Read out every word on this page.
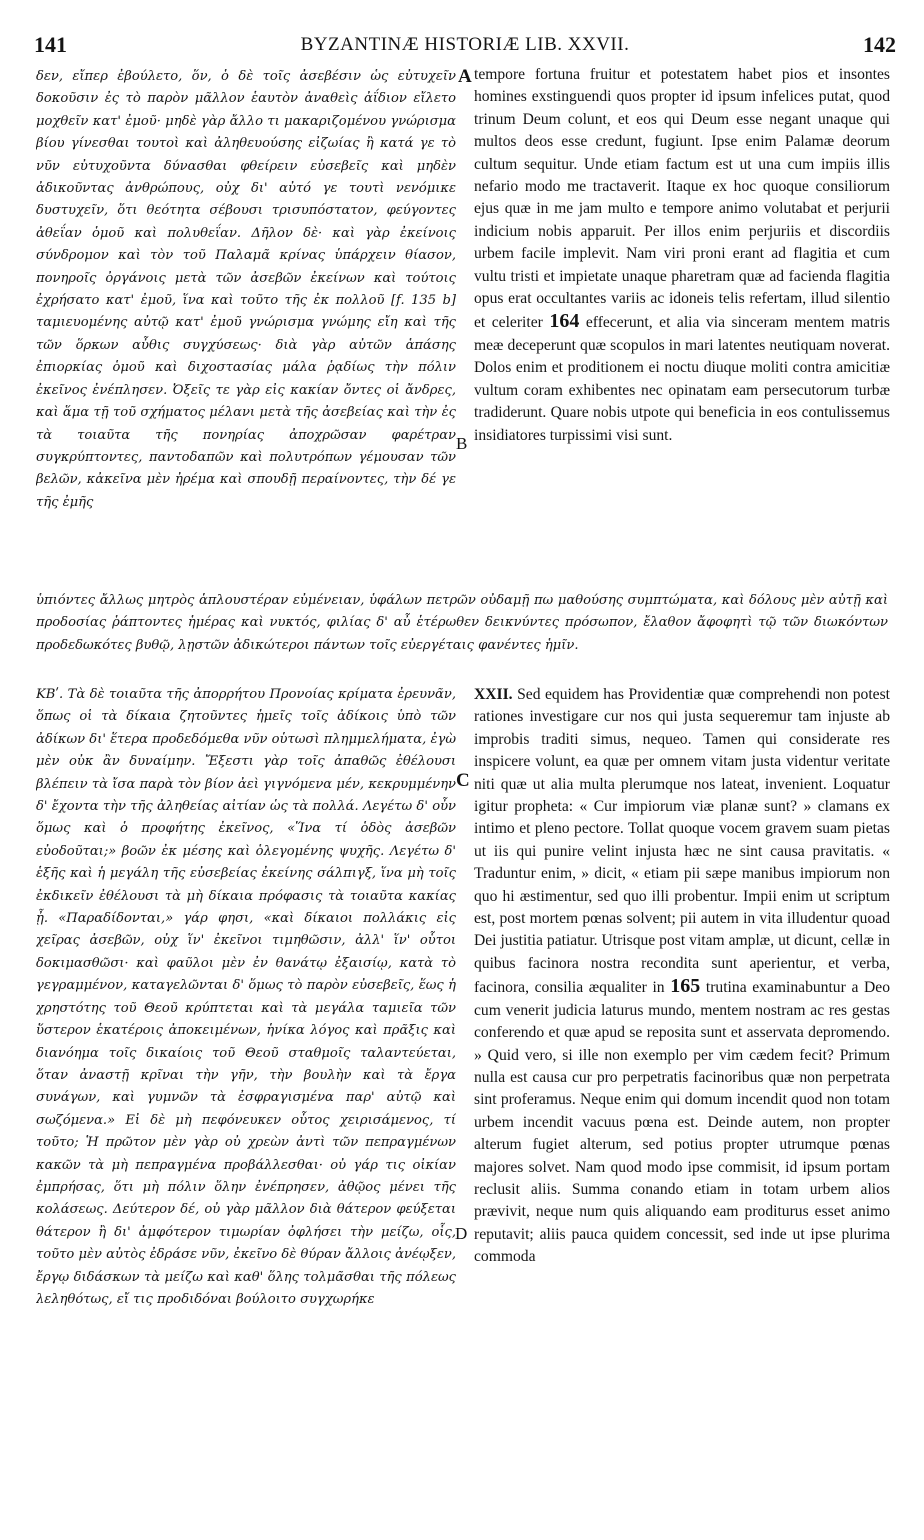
141	BYZANTINÆ HISTORIÆ LIB. XXVII.	142

δεν, εἴπερ ἐβούλετο, ὅν, ὁ δὲ τοῖς ἀσεβέσιν ὡς εὐτυχεῖν δοκοῦσιν ἐς τὸ παρὸν μᾶλλον ἑαυτὸν ἀναθεὶς ἀΐδιον εἴλετο μοχθεῖν κατ' ἐμοῦ· μηδὲ γὰρ ἄλλο τι μακαριζομένου γνώρισμα βίου γίνεσθαι τουτοὶ καὶ ἀληθευούσης εἰζωίας ἢ κατά γε τὸ νῦν εὐτυχοῦντα δύνασθαι φθείρειν εὐσεβεῖς καὶ μηδὲν ἀδικοῦντας ἀνθρώπους, οὐχ δι' αὐτό γε τουτὶ νενόμικε δυστυχεῖν, ὅτι θεότητα σέβουσι τρισυπόστατον, φεύγοντες ἀθεΐαν ὁμοῦ καὶ πολυθεΐαν. Δῆλον δὲ· καὶ γὰρ ἐκείνοις σύνδρομον καὶ τὸν τοῦ Παλαμᾶ κρίνας ὑπάρχειν θίασον, πονηροῖς ὀργάνοις μετὰ τῶν ἀσεβῶν ἐκείνων καὶ τούτοις ἐχρήσατο κατ' ἐμοῦ, ἵνα καὶ τοῦτο τῆς ἐκ πολλοῦ [f. 135 b] ταμιευομένης αὐτῷ κατ' ἐμοῦ γνώρισμα γνώμης εἴη καὶ τῆς τῶν ὅρκων αὖθις συγχύσεως· διὰ γὰρ αὐτῶν ἁπάσης ἐπιορκίας ὁμοῦ καὶ διχοστασίας μάλα ῥᾳδίως τὴν πόλιν ἐκεῖνος ἐνέπλησεν. Ὀξεῖς τε γὰρ εἰς κακίαν ὄντες οἱ ἄνδρες, καὶ ἅμα τῇ τοῦ σχήματος μέλανι μετὰ τῆς ἀσεβείας καὶ τὴν ἐς τὰ τοιαῦτα τῆς πονηρίας ἀποχρῶσαν φαρέτραν συγκρύπτοντες, παντοδαπῶν καὶ πολυτρόπων γέμουσαν τῶν βελῶν, κἀκεῖνα μὲν ἠρέμα καὶ σπουδῇ περαίνοντες, τὴν δέ γε τῆς ἐμῆς

tempore fortuna fruitur et potestatem habet pios et insontes homines exstinguendi quos propter id ipsum infelices putat, quod trinum Deum colunt, et eos qui Deum esse negant unaque qui multos deos esse credunt, fugiunt. Ipse enim Palamæ deorum cultum sequitur. Unde etiam factum est ut una cum impiis illis nefario modo me tractaverit. Itaque ex hoc quoque consiliorum ejus quæ in me jam multo e tempore animo volutabat et perjurii indicium nobis apparuit. Per illos enim perjuriis et discordiis urbem facile implevit. Nam viri proni erant ad flagitia et cum vultu tristi et impietate unaque pharetram quæ ad facienda flagitia opus erat occultantes variis ac idoneis telis refertam, illud silentio et celeriter 164 effecerunt, et alia via sinceram mentem matris meæ deceperunt quæ scopulos in mari latentes neutiquam noverat. Dolos enim et proditionem ei noctu diuque moliti contra amicitiæ vultum coram exhibentes nec opinatam eam persecutorum turbæ tradiderunt. Quare nobis utpote qui beneficia in eos contulissemus insidiatores turpissimi visi sunt.

ὑπιόντες ἄλλως μητρὸς ἁπλουστέραν εὐμένειαν, ὑφάλων πετρῶν οὐδαμῇ πω μαθούσης συμπτώματα, καὶ δόλους μὲν αὐτῇ καὶ προδοσίας ῥάπτοντες ἡμέρας καὶ νυκτός, φιλίας δ' αὖ ἑτέρωθεν δεικνύντες πρόσωπον, ἔλαθον ἄφοφητὶ τῷ τῶν διωκόντων προδεδωκότες βυθῷ, λῃστῶν ἀδικώτεροι πάντων τοῖς εὐεργέταις φανέντες ἡμῖν.

ΚΒʹ. Τὰ δὲ τοιαῦτα τῆς ἀπορρήτου Προνοίας κρίματα ἐρευνᾶν, ὅπως οἱ τὰ δίκαια ζητοῦντες ἡμεῖς τοῖς ἀδίκοις ὑπὸ τῶν ἀδίκων δι' ἕτερα προδεδόμεθα νῦν οὑτωσὶ πλημμελήματα, ἐγὼ μὲν οὐκ ἂν δυναίμην. Ἔξεστι γὰρ τοῖς ἀπαθῶς ἐθέλουσι βλέπειν τὰ ἴσα παρὰ τὸν βίον ἀεὶ γιγνόμενα μέν, κεκρυμμένην δ' ἔχοντα τὴν τῆς ἀληθείας αἰτίαν ὡς τὰ πολλά. Λεγέτω δ' οὖν ὅμως καὶ ὁ προφήτης ἐκεῖνος, «Ἵνα τί ὁδὸς ἀσεβῶν εὐοδοῦται;» βοῶν ἐκ μέσης καὶ ὁλεγομένης ψυχῆς. Λεγέτω δ' ἑξῆς καὶ ἡ μεγάλη τῆς εὐσεβείας ἐκείνης σάλπιγξ, ἵνα μὴ τοῖς ἐκδικεῖν ἐθέλουσι τὰ μὴ δίκαια πρόφασις τὰ τοιαῦτα κακίας ᾖ. «Παραδίδονται,» γάρ φησι, «καὶ δίκαιοι πολλάκις εἰς χεῖρας ἀσεβῶν, οὐχ ἵν' ἐκεῖνοι τιμηθῶσιν, ἀλλ' ἵν' οὗτοι δοκιμασθῶσι· καὶ φαῦλοι μὲν ἐν θανάτῳ ἐξαισίῳ, κατὰ τὸ γεγραμμένον, καταγελῶνται δ' ὅμως τὸ παρὸν εὐσεβεῖς, ἕως ἡ χρηστότης τοῦ Θεοῦ κρύπτεται καὶ τὰ μεγάλα ταμιεῖα τῶν ὕστερον ἑκατέροις ἀποκειμένων, ἡνίκα λόγος καὶ πρᾶξις καὶ διανόημα τοῖς δικαίοις τοῦ Θεοῦ σταθμοῖς ταλαντεύεται, ὅταν ἀναστῇ κρῖναι τὴν γῆν, τὴν βουλὴν καὶ τὰ ἔργα συνάγων, καὶ γυμνῶν τὰ ἐσφραγισμένα παρ' αὐτῷ καὶ σωζόμενα.» Εἰ δὲ μὴ πεφόνευκεν οὗτος χειρισάμενος, τί τοῦτο; Ἡ πρῶτον μὲν γὰρ οὐ χρεὼν ἀντὶ τῶν πεπραγμένων κακῶν τὰ μὴ πεπραγμένα προβάλλεσθαι· οὐ γάρ τις οἰκίαν ἐμπρήσας, ὅτι μὴ πόλιν ὅλην ἐνέπρησεν, ἀθῷος μένει τῆς κολάσεως. Δεύτερον δέ, οὐ γὰρ μᾶλλον διὰ θάτερον φεύξεται θάτερον ἢ δι' ἀμφότερον τιμωρίαν ὀφλήσει τὴν μείζω, οἷς, τοῦτο μὲν αὐτὸς ἐδράσε νῦν, ἐκεῖνο δὲ θύραν ἄλλοις ἀνέῳξεν, ἔργῳ διδάσκων τὰ μείζω καὶ καθ' ὅλης τολμᾶσθαι τῆς πόλεως λεληθότως, εἴ τις προδιδόναι βούλοιτο συγχωρήκε

XXII. Sed equidem has Providentiæ quæ comprehendi non potest rationes investigare cur nos qui justa sequeremur tam injuste ab improbis traditi simus, nequeo. Tamen qui considerate res inspicere volunt, ea quæ per omnem vitam justa videntur veritate niti quæ ut alia multa plerumque nos lateat, invenient. Loquatur igitur propheta: « Cur impiorum viæ planæ sunt? » clamans ex intimo et pleno pectore. Tollat quoque vocem gravem suam pietas ut iis qui punire velint injusta hæc ne sint causa pravitatis. « Traduntur enim, » dicit, « etiam pii sæpe manibus impiorum non quo hi æstimentur, sed quo illi probentur. Impii enim ut scriptum est, post mortem pœnas solvent; pii autem in vita illudentur quoad Dei justitia patiatur. Utrisque post vitam amplæ, ut dicunt, cellæ in quibus facinora nostra recondita sunt aperientur, et verba, facinora, consilia æqualiter in 165 trutina examinabuntur a Deo cum venerit judicia laturus mundo, mentem nostram ac res gestas conferendo et quæ apud se reposita sunt et asservata depromendo. » Quid vero, si ille non exemplo per vim cædem fecit? Primum nulla est causa cur pro perpetratis facinoribus quæ non perpetrata sint proferamus. Neque enim qui domum incendit quod non totam urbem incendit vacuus pœna est. Deinde autem, non propter alterum fugiet alterum, sed potius propter utrumque pœnas majores solvet. Nam quod modo ipse commisit, id ipsum portam reclusit aliis. Summa conando etiam in totam urbem alios prævivit, neque num quis aliquando eam proditurus esset animo reputavit; aliis pauca quidem concessit, sed inde ut ipse plurima commoda

A
B
C
D
